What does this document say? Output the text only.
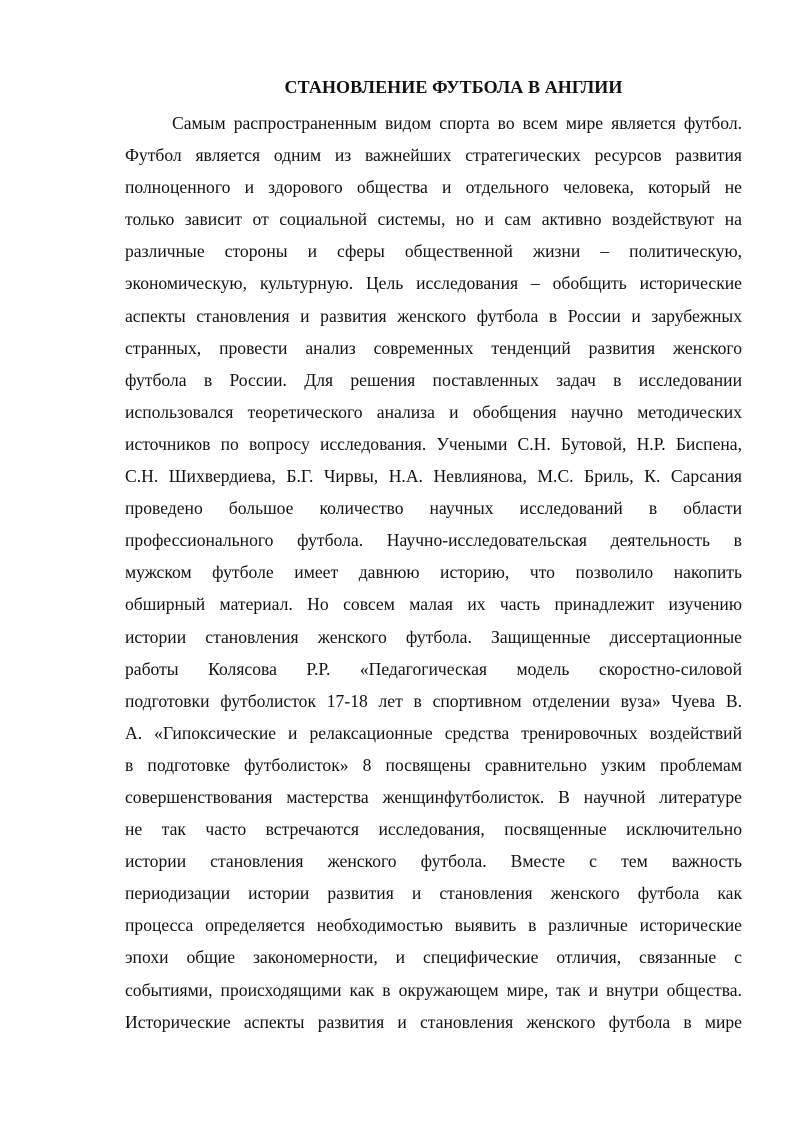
СТАНОВЛЕНИЕ ФУТБОЛА В АНГЛИИ
Самым распространенным видом спорта во всем мире является футбол.
Футбол является одним из важнейших стратегических ресурсов развития
полноценного и здорового общества и отдельного человека, который не
только зависит от социальной системы, но и сам активно воздействуют на
различные стороны и сферы общественной жизни – политическую,
экономическую, культурную. Цель исследования – обобщить исторические
аспекты становления и развития женского футбола в России и зарубежных
странных, провести анализ современных тенденций развития женского
футбола в России. Для решения поставленных задач в исследовании
использовался теоретического анализа и обобщения научно методических
источников по вопросу исследования. Учеными С.Н. Бутовой, Н.Р. Биспена,
С.Н. Шихвердиева, Б.Г. Чирвы, Н.А. Невлиянова, М.С. Бриль, К. Сарсания
проведено большое количество научных исследований в области
профессионального футбола. Научно-исследовательская деятельность в
мужском футболе имеет давнюю историю, что позволило накопить
обширный материал. Но совсем малая их часть принадлежит изучению
истории становления женского футбола. Защищенные диссертационные
работы Колясова Р.Р. «Педагогическая модель скоростно-силовой
подготовки футболисток 17-18 лет в спортивном отделении вуза» Чуева В.
А. «Гипоксические и релаксационные средства тренировочных воздействий
в подготовке футболисток» 8 посвящены сравнительно узким проблемам
совершенствования мастерства женщинфутболисток. В научной литературе
не так часто встречаются исследования, посвященные исключительно
истории становления женского футбола. Вместе с тем важность
периодизации истории развития и становления женского футбола как
процесса определяется необходимостью выявить в различные исторические
эпохи общие закономерности, и специфические отличия, связанные с
событиями, происходящими как в окружающем мире, так и внутри общества.
Исторические аспекты развития и становления женского футбола в мире
